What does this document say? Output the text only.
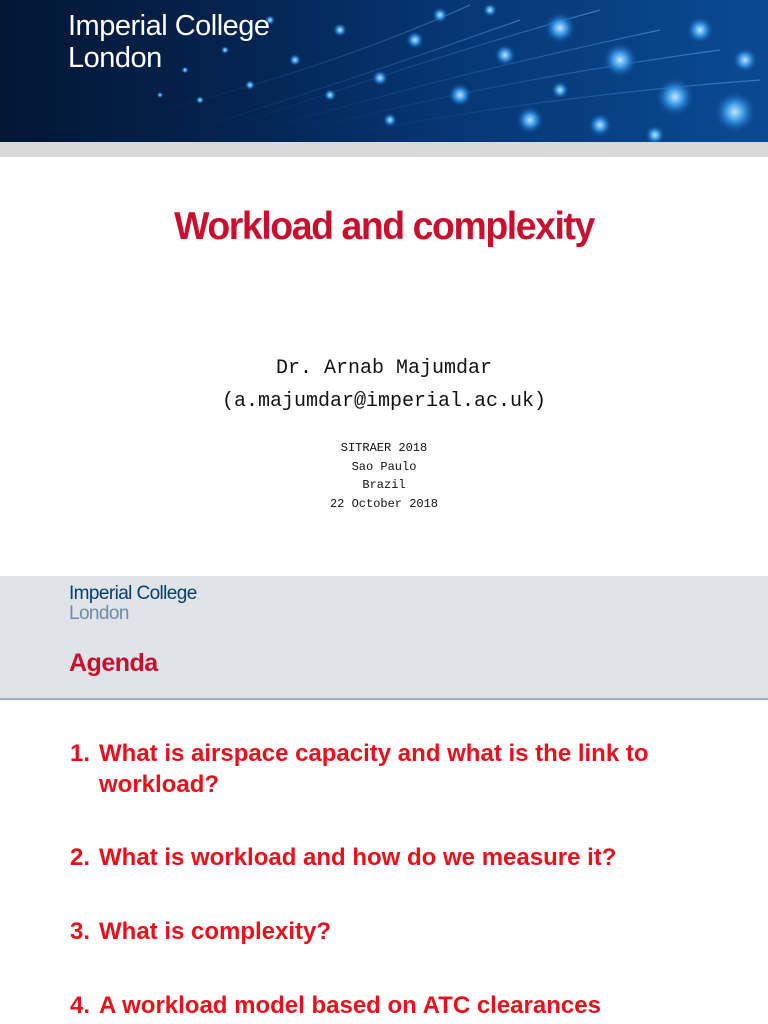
Imperial College
London
Workload and complexity
Dr. Arnab Majumdar
(a.majumdar@imperial.ac.uk)
SITRAER 2018
Sao Paulo
Brazil
22 October 2018
Imperial College
London
Agenda
1. What is airspace capacity and what is the link to workload?
2. What is workload and how do we measure it?
3. What is complexity?
4. A workload model based on ATC clearances
